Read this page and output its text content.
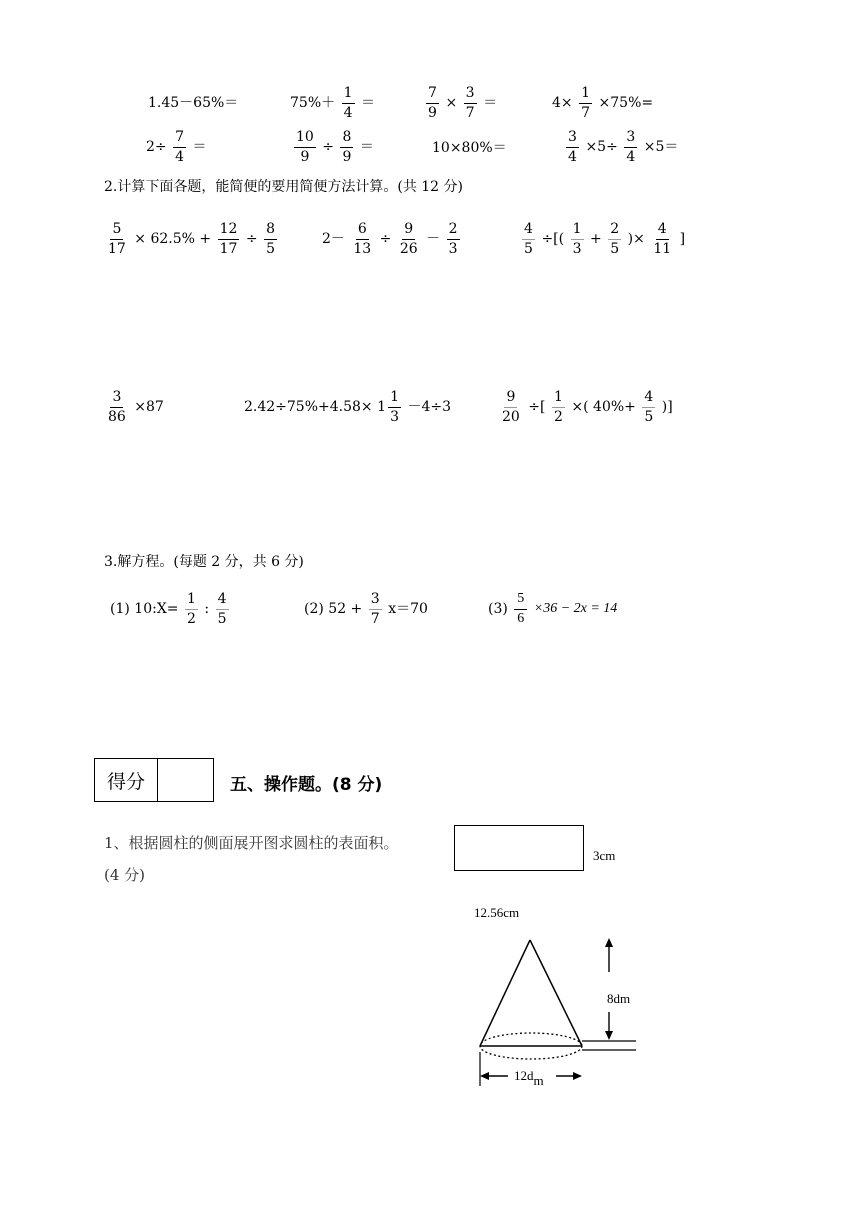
1.45－65%＝	$75\%+ \frac{1}{4}$ ＝	$\frac{7}{9} \times \frac{3}{7}$ ＝	$4\times \frac{1}{7} \times 75\%=$
$2\div \frac{7}{4}$ ＝	$\frac{10}{9} \div \frac{8}{9}$ ＝	10×80%＝	$\frac{3}{4} \times 5\div \frac{3}{4} \times 5=$
2.计算下面各题，能简便的要用简便方法计算。(共 12 分)
$\frac{5}{17} \times 62.5\% + \frac{12}{17} \div \frac{8}{5}$	$2- \frac{6}{13} \div \frac{9}{26} - \frac{2}{3}$	$\frac{4}{5}$ ÷[( $\frac{1}{3} + \frac{2}{5}$ )× $\frac{4}{11}$ ]
$\frac{3}{86} \times 87$	$2.42\div 75\%+4.58\times 1 \frac{1}{3} -4\div 3$	$\frac{9}{20}$ ÷[ $\frac{1}{2}$ ×( $40\%+ \frac{4}{5}$ )]
3.解方程。(每题 2 分，共 6 分)
(1) 10:X= $\frac{1}{2}$ : $\frac{4}{5}$	(2) $52 + \frac{3}{7} x=70$	$(3) \frac{5}{6} \times 36 - 2x = 14$
得分	五、操作题。(8 分)
1、根据圆柱的侧面展开图求圆柱的表面积。
(4 分)
3cm
12.56cm
8dm
12dm
